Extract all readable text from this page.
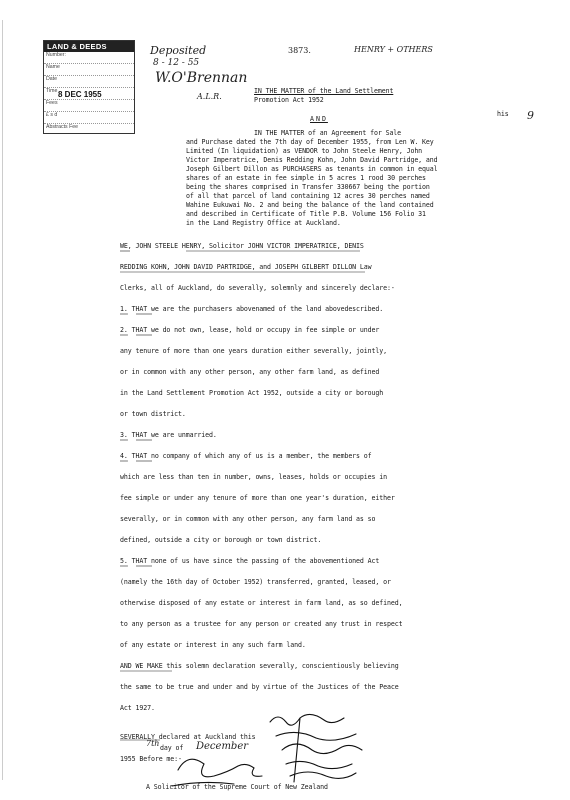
LAND & DEEDS
Number:
Name
Date
Time
Fees
£ s d
Abstracts Fee
8 DEC 1955
Deposited
8 - 12 - 55
W.O'Brennan
A.L.R.
3873.	HENRY + OTHERS
9
his
IN THE MATTER of the Land Settlement
Promotion Act 1952
AND
IN THE MATTER of an Agreement for Sale
and Purchase dated the 7th day of December 1955, from Len W. Key
Limited (In liquidation) as VENDOR to John Steele Henry, John
Victor Imperatrice, Denis Redding Kohn, John David Partridge, and
Joseph Gilbert Dillon as PURCHASERS as tenants in common in equal
shares of an estate in fee simple in 5 acres 1 rood 30 perches
being the shares comprised in Transfer 330667 being the portion
of all that parcel of land containing 12 acres 30 perches named
Wahine Eukuwai No. 2 and being the balance of the land contained
and described in Certificate of Title P.B. Volume 156 Folio 31
in the Land Registry Office at Auckland.
WE, JOHN STEELE HENRY, Solicitor JOHN VICTOR IMPERATRICE, DENIS
REDDING KOHN, JOHN DAVID PARTRIDGE, and JOSEPH GILBERT DILLON Law
Clerks, all of Auckland, do severally, solemnly and sincerely declare:-
1. THAT we are the purchasers abovenamed of the land abovedescribed.
2. THAT we do not own, lease, hold or occupy in fee simple or under
any tenure of more than one years duration either severally, jointly,
or in common with any other person, any other farm land, as defined
in the Land Settlement Promotion Act 1952, outside a city or borough
or town district.
3. THAT we are unmarried.
4. THAT no company of which any of us is a member, the members of
which are less than ten in number, owns, leases, holds or occupies in
fee simple or under any tenure of more than one year's duration, either
severally, or in common with any other person, any farm land as so
defined, outside a city or borough or town district.
5. THAT none of us have since the passing of the abovementioned Act
(namely the 16th day of October 1952) transferred, granted, leased, or
otherwise disposed of any estate or interest in farm land, as so defined,
to any person as a trustee for any person or created any trust in respect
of any estate or interest in any such farm land.
AND WE MAKE this solemn declaration severally, conscientiously believing
the same to be true and under and by virtue of the Justices of the Peace
Act 1927.
SEVERALLY declared at Auckland this
7th day of December
1955 Before me:-
A Solicitor of the Supreme Court of New Zealand
